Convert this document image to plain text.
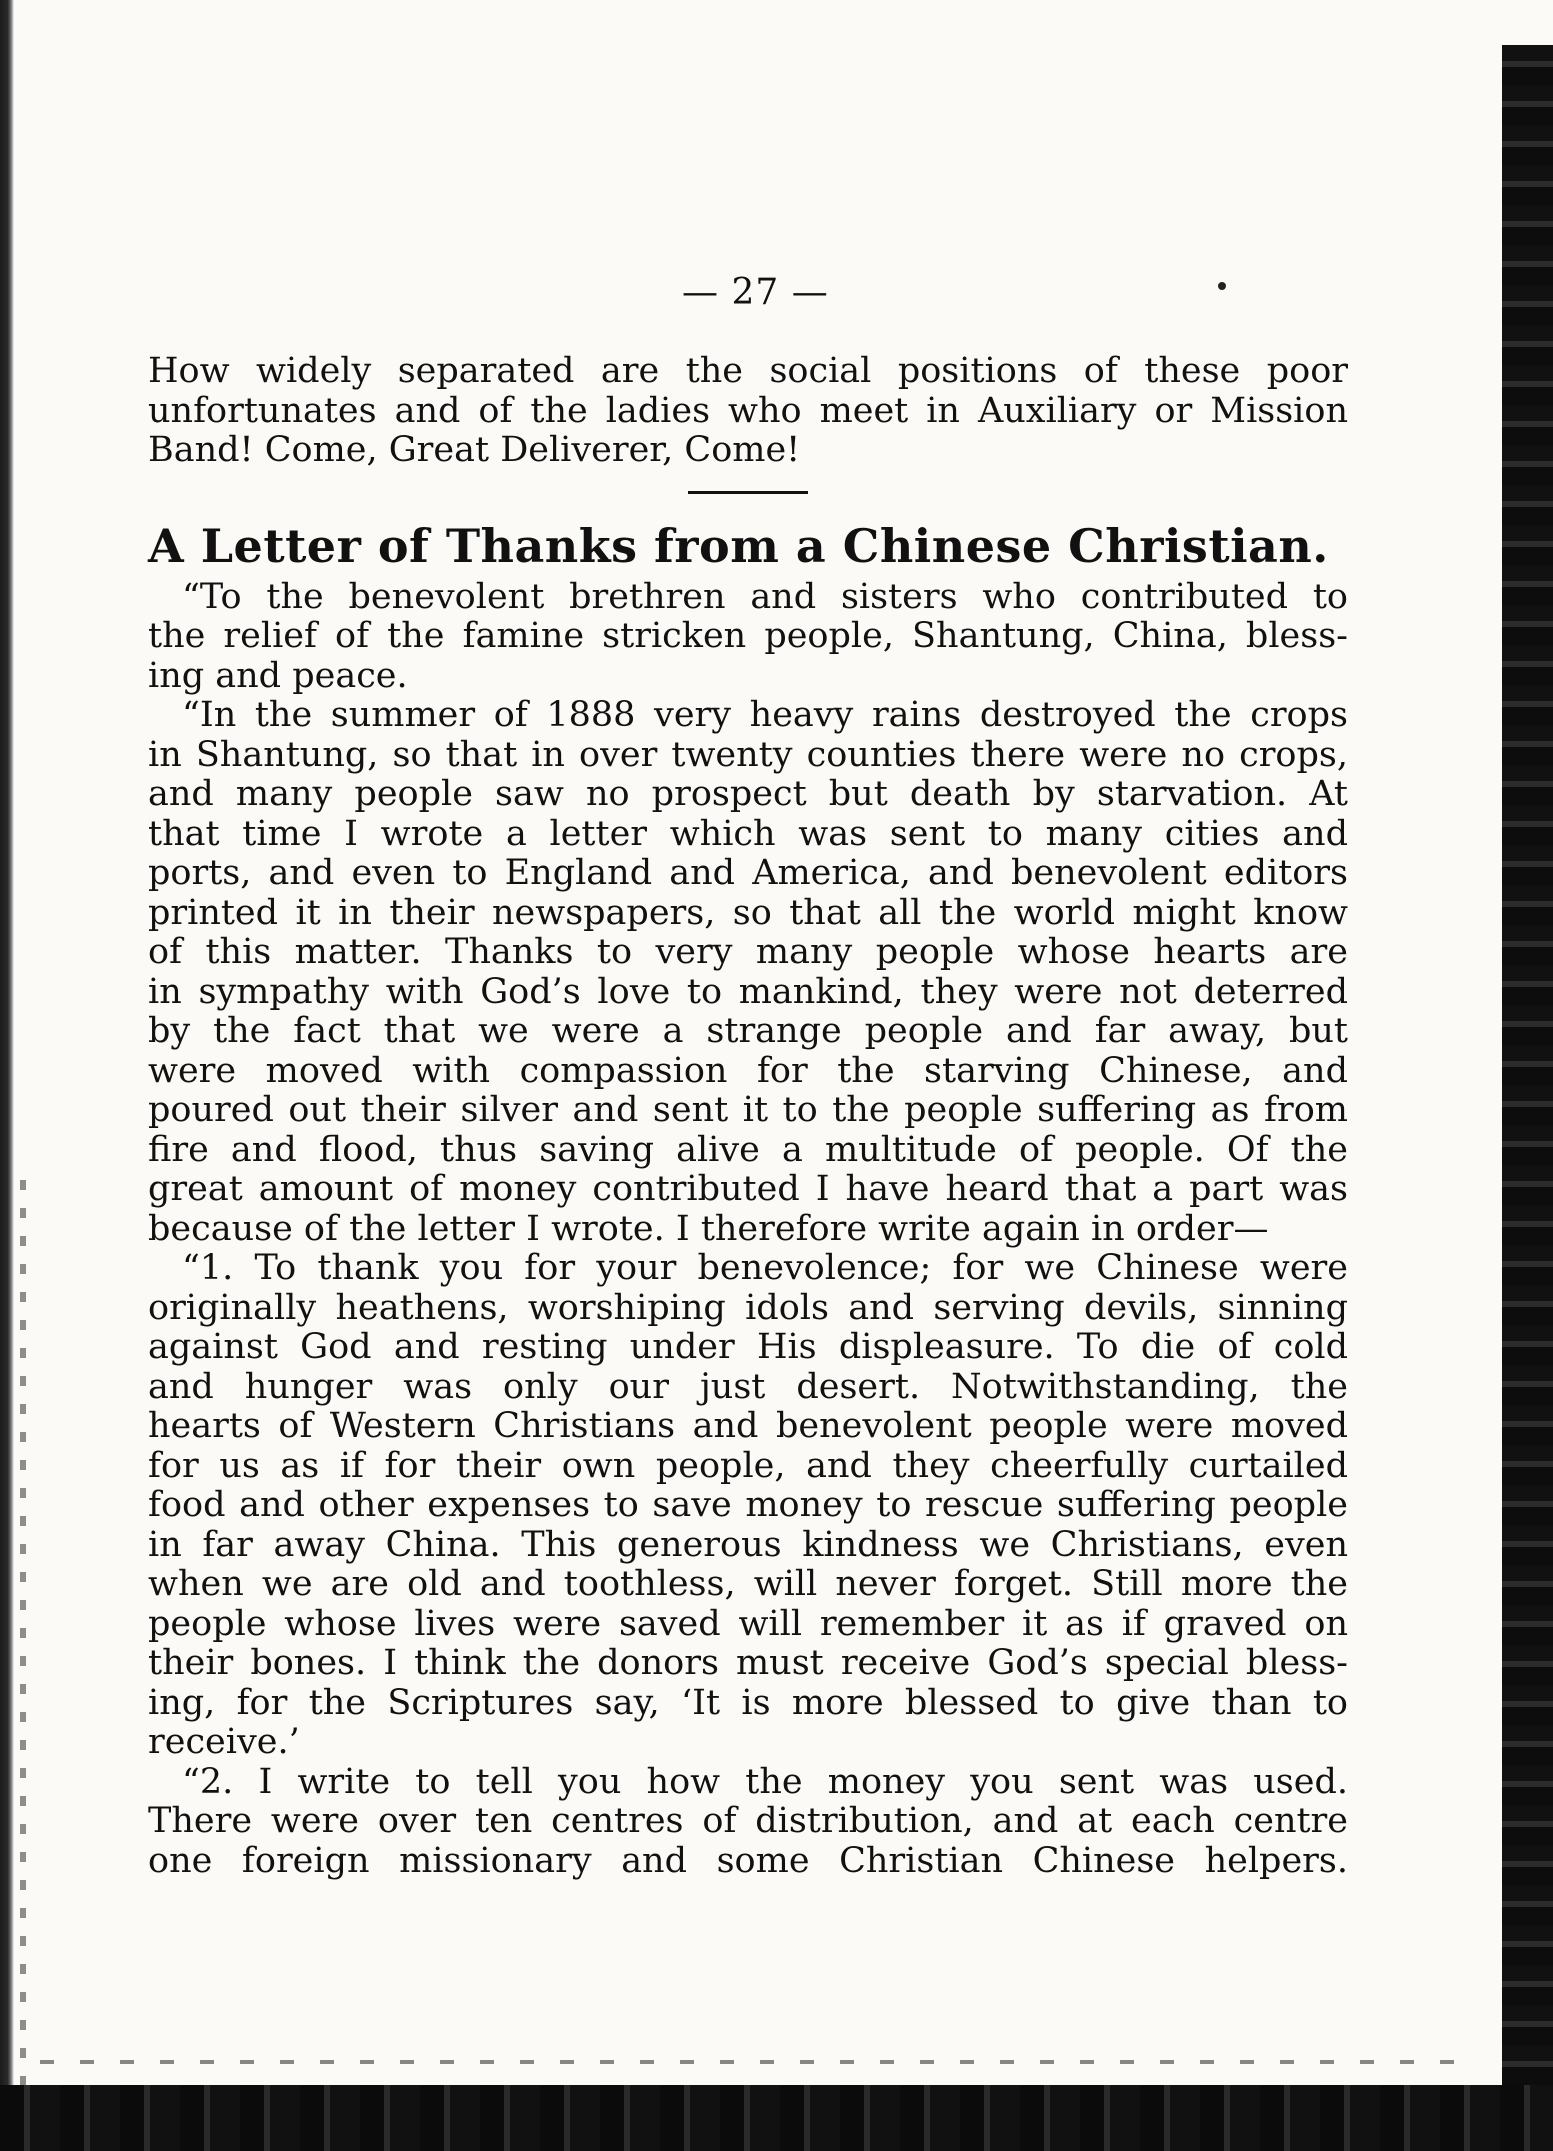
— 27 —
How widely separated are the social positions of these poor
unfortunates and of the ladies who meet in Auxiliary or Mission
Band! Come, Great Deliverer, Come!
A Letter of Thanks from a Chinese Christian.
“To the benevolent brethren and sisters who contributed to
the relief of the famine stricken people, Shantung, China, bless-
ing and peace.
“In the summer of 1888 very heavy rains destroyed the crops
in Shantung, so that in over twenty counties there were no crops,
and many people saw no prospect but death by starvation. At
that time I wrote a letter which was sent to many cities and
ports, and even to England and America, and benevolent editors
printed it in their newspapers, so that all the world might know
of this matter. Thanks to very many people whose hearts are
in sympathy with God’s love to mankind, they were not deterred
by the fact that we were a strange people and far away, but
were moved with compassion for the starving Chinese, and
poured out their silver and sent it to the people suffering as from
fire and flood, thus saving alive a multitude of people. Of the
great amount of money contributed I have heard that a part was
because of the letter I wrote. I therefore write again in order—
“1. To thank you for your benevolence; for we Chinese were
originally heathens, worshiping idols and serving devils, sinning
against God and resting under His displeasure. To die of cold
and hunger was only our just desert. Notwithstanding, the
hearts of Western Christians and benevolent people were moved
for us as if for their own people, and they cheerfully curtailed
food and other expenses to save money to rescue suffering people
in far away China. This generous kindness we Christians, even
when we are old and toothless, will never forget. Still more the
people whose lives were saved will remember it as if graved on
their bones. I think the donors must receive God’s special bless-
ing, for the Scriptures say, ‘It is more blessed to give than to
receive.’
“2. I write to tell you how the money you sent was used.
There were over ten centres of distribution, and at each centre
one foreign missionary and some Christian Chinese helpers.
